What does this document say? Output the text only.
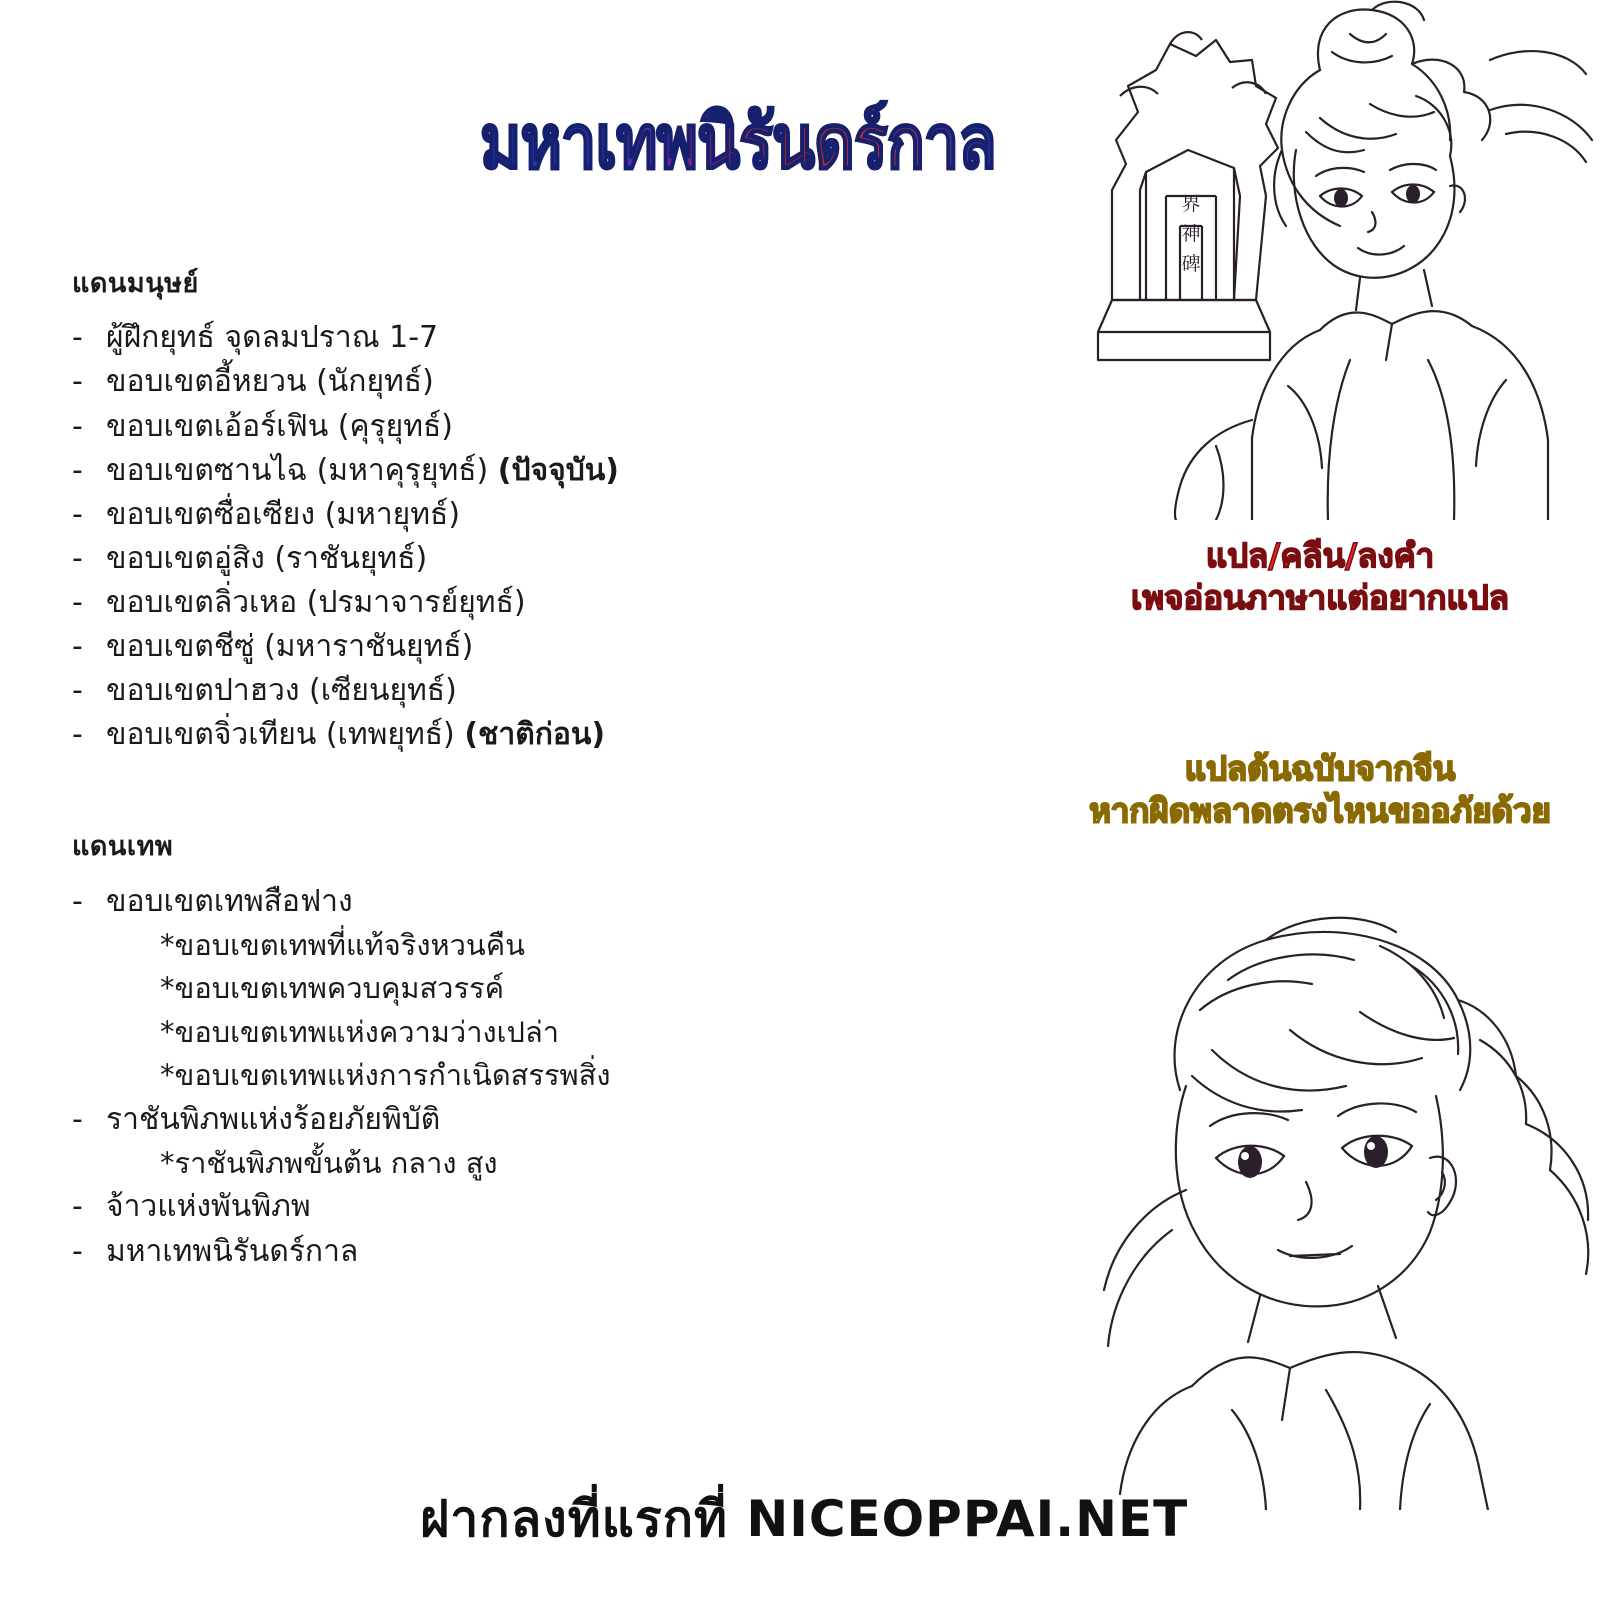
มหาเทพนิรันดร์กาล
界
神
碑
แดนมนุษย์
- ผู้ฝึกยุทธ์ จุดลมปราณ 1-7
- ขอบเขตอี้หยวน (นักยุทธ์)
- ขอบเขตเอ้อร์เฟิน (คุรุยุทธ์)
- ขอบเขตซานไฉ (มหาคุรุยุทธ์) (ปัจจุบัน)
- ขอบเขตซื่อเซียง (มหายุทธ์)
- ขอบเขตอู่สิง (ราชันยุทธ์)
- ขอบเขตลิ่วเหอ (ปรมาจารย์ยุทธ์)
- ขอบเขตชีซู่ (มหาราชันยุทธ์)
- ขอบเขตปาฮวง (เซียนยุทธ์)
- ขอบเขตจิ่วเทียน (เทพยุทธ์) (ชาติก่อน)
แดนเทพ
- ขอบเขตเทพสือฟาง
*ขอบเขตเทพที่แท้จริงหวนคืน
*ขอบเขตเทพควบคุมสวรรค์
*ขอบเขตเทพแห่งความว่างเปล่า
*ขอบเขตเทพแห่งการกำเนิดสรรพสิ่ง
- ราชันพิภพแห่งร้อยภัยพิบัติ
*ราชันพิภพขั้นต้น กลาง สูง
- จ้าวแห่งพันพิภพ
- มหาเทพนิรันดร์กาล
แปล/คลีน/ลงคำ
เพจอ่อนภาษาแต่อยากแปล
แปลต้นฉบับจากจีน
หากผิดพลาดตรงไหนขออภัยด้วย
ฝากลงที่แรกที่ NICEOPPAI.NET
